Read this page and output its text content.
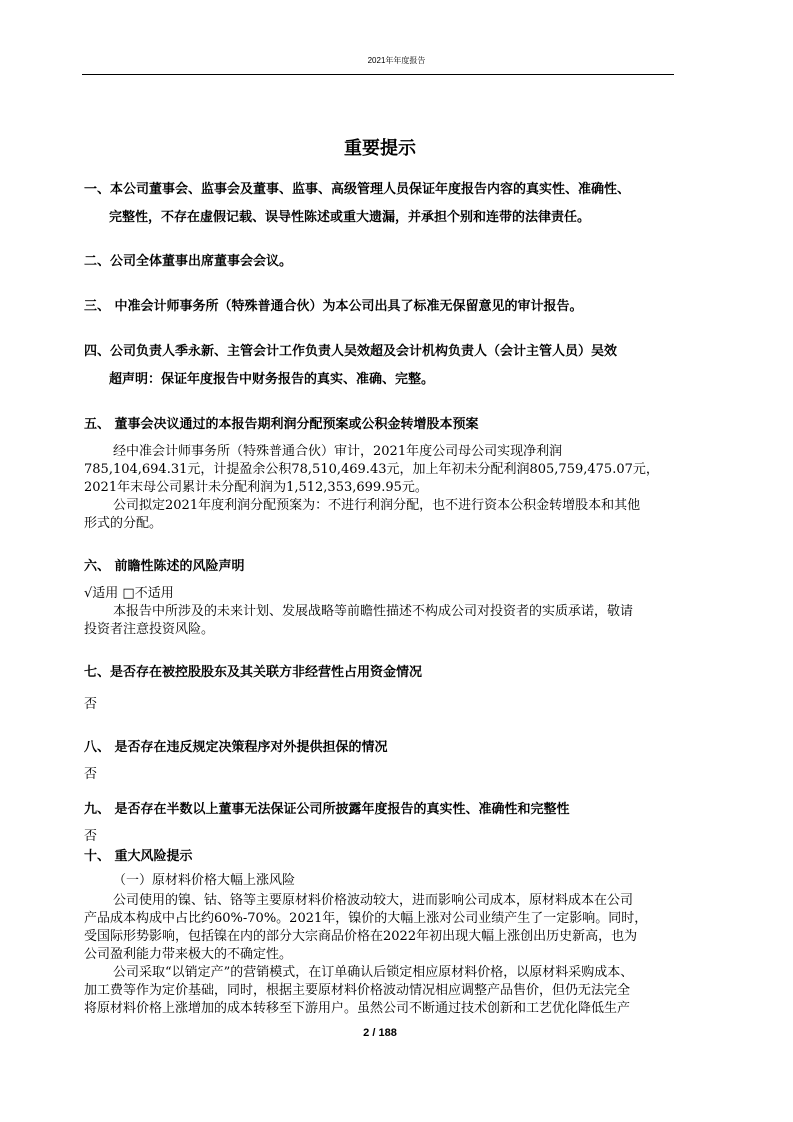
2021年年度报告
重要提示
一、本公司董事会、监事会及董事、监事、高级管理人员保证年度报告内容的真实性、准确性、
完整性，不存在虚假记载、误导性陈述或重大遗漏，并承担个别和连带的法律责任。
二、公司全体董事出席董事会会议。
三、 中准会计师事务所（特殊普通合伙）为本公司出具了标准无保留意见的审计报告。
四、公司负责人季永新、主管会计工作负责人吴效超及会计机构负责人（会计主管人员）吴效
超声明：保证年度报告中财务报告的真实、准确、完整。
五、 董事会决议通过的本报告期利润分配预案或公积金转增股本预案
经中准会计师事务所（特殊普通合伙）审计，2021年度公司母公司实现净利润
785,104,694.31元，计提盈余公积78,510,469.43元，加上年初未分配利润805,759,475.07元，
2021年末母公司累计未分配利润为1,512,353,699.95元。
公司拟定2021年度利润分配预案为：不进行利润分配，也不进行资本公积金转增股本和其他
形式的分配。
六、 前瞻性陈述的风险声明
√适用 □不适用
本报告中所涉及的未来计划、发展战略等前瞻性描述不构成公司对投资者的实质承诺，敬请
投资者注意投资风险。
七、是否存在被控股股东及其关联方非经营性占用资金情况
否
八、 是否存在违反规定决策程序对外提供担保的情况
否
九、 是否存在半数以上董事无法保证公司所披露年度报告的真实性、准确性和完整性
否
十、 重大风险提示
（一）原材料价格大幅上涨风险
公司使用的镍、钴、铬等主要原材料价格波动较大，进而影响公司成本，原材料成本在公司
产品成本构成中占比约60%-70%。2021年，镍价的大幅上涨对公司业绩产生了一定影响。同时，
受国际形势影响，包括镍在内的部分大宗商品价格在2022年初出现大幅上涨创出历史新高，也为
公司盈利能力带来极大的不确定性。
公司采取“以销定产”的营销模式，在订单确认后锁定相应原材料价格，以原材料采购成本、
加工费等作为定价基础，同时，根据主要原材料价格波动情况相应调整产品售价，但仍无法完全
将原材料价格上涨增加的成本转移至下游用户。虽然公司不断通过技术创新和工艺优化降低生产
2 / 188
